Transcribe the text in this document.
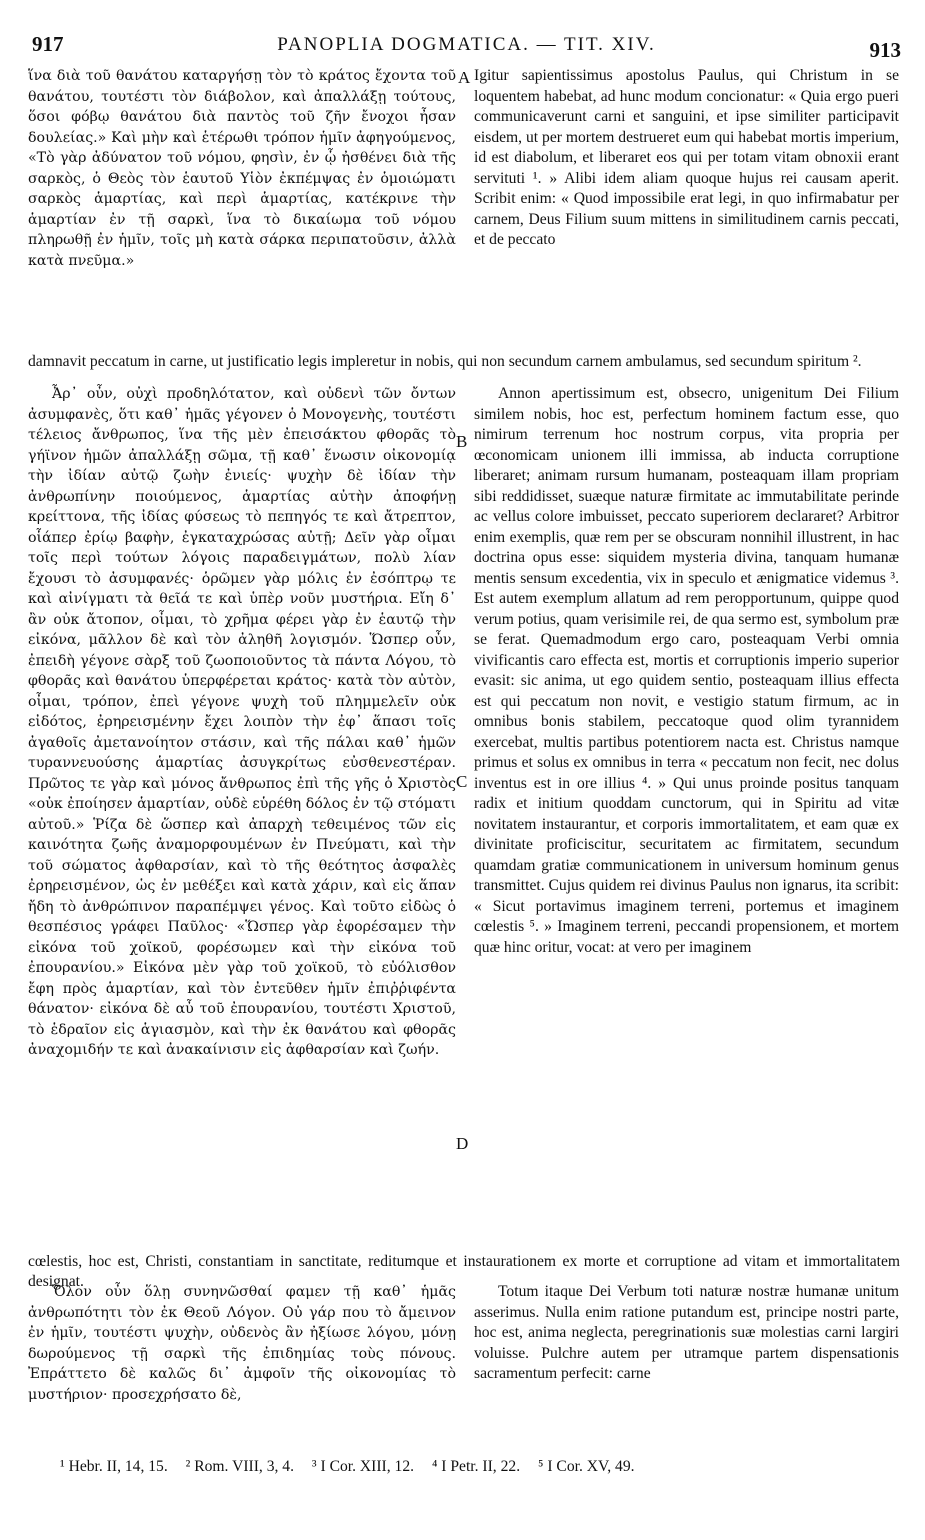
917	PANOPLIA DOGMATICA. — TIT. XIV.	913

ἵνα διὰ τοῦ θανάτου καταργήσῃ τὸν τὸ κράτος ἔχοντα τοῦ θανάτου, τουτέστι τὸν διάβολον, καὶ ἀπαλλάξῃ τούτους, ὅσοι φόβῳ θανάτου διὰ παντὸς τοῦ ζῆν ἔνοχοι ἦσαν δουλείας.» Καὶ μὴν καὶ ἑτέρωθι τρόπον ἡμῖν ἀφηγούμενος, «Τὸ γὰρ ἀδύνατον τοῦ νόμου, φησὶν, ἐν ᾧ ἠσθένει διὰ τῆς σαρκὸς, ὁ Θεὸς τὸν ἑαυτοῦ Υἱὸν ἐκπέμψας ἐν ὁμοιώματι σαρκὸς ἁμαρτίας, καὶ περὶ ἁμαρτίας, κατέκρινε τὴν ἁμαρτίαν ἐν τῇ σαρκὶ, ἵνα τὸ δικαίωμα τοῦ νόμου πληρωθῇ ἐν ἡμῖν, τοῖς μὴ κατὰ σάρκα περιπατοῦσιν, ἀλλὰ κατὰ πνεῦμα.»

A Igitur sapientissimus apostolus Paulus, qui Christum in se loquentem habebat, ad hunc modum concionatur: « Quia ergo pueri communicaverunt carni et sanguini, et ipse similiter participavit eisdem, ut per mortem destrueret eum qui habebat mortis imperium, id est diabolum, et liberaret eos qui per totam vitam obnoxii erant servituti ¹. » Alibi idem aliam quoque hujus rei causam aperit. Scribit enim: « Quod impossibile erat legi, in quo infirmabatur per carnem, Deus Filium suum mittens in similitudinem carnis peccati, et de peccato

damnavit peccatum in carne, ut justificatio legis impleretur in nobis, qui non secundum carnem ambulamus, sed secundum spiritum ².

Ἆρ᾽ οὖν, οὐχὶ προδηλότατον, καὶ οὐδενὶ τῶν ὄντων ἀσυμφανὲς, ὅτι καθ᾽ ἡμᾶς γέγονεν ὁ Μονογενὴς, τουτέστι τέλειος ἄνθρωπος, ἵνα τῆς μὲν ἐπεισάκτου φθορᾶς τὸ γήϊνον ἡμῶν ἀπαλλάξῃ σῶμα, τῇ καθ᾽ ἕνωσιν οἰκονομίᾳ τὴν ἰδίαν αὐτῷ ζωὴν ἐνιείς· ψυχὴν δὲ ἰδίαν τὴν ἀνθρωπίνην ποιούμενος, ἁμαρτίας αὐτὴν ἀποφήνῃ κρείττονα, τῆς ἰδίας φύσεως τὸ πεπηγός τε καὶ ἄτρεπτον, οἷάπερ ἐρίῳ βαφὴν, ἐγκαταχρώσας αὐτῇ; Δεῖν γὰρ οἶμαι τοῖς περὶ τούτων λόγοις παραδειγμάτων, πολὺ λίαν ἔχουσι τὸ ἀσυμφανές· ὁρῶμεν γὰρ μόλις ἐν ἐσόπτρῳ τε καὶ αἰνίγματι τὰ θεῖά τε καὶ ὑπὲρ νοῦν μυστήρια. Εἴη δ᾽ ἂν οὐκ ἄτοπον, οἶμαι, τὸ χρῆμα φέρει γὰρ ἐν ἑαυτῷ τὴν εἰκόνα, μᾶλλον δὲ καὶ τὸν ἀληθῆ λογισμόν. Ὥσπερ οὖν, ἐπειδὴ γέγονε σὰρξ τοῦ ζωοποιοῦντος τὰ πάντα Λόγου, τὸ φθορᾶς καὶ θανάτου ὑπερφέρεται κράτος· κατὰ τὸν αὐτὸν, οἶμαι, τρόπον, ἐπεὶ γέγονε ψυχὴ τοῦ πλημμελεῖν οὐκ εἰδότος, ἐρηρεισμένην ἔχει λοιπὸν τὴν ἐφ᾽ ἅπασι τοῖς ἀγαθοῖς ἀμετανοίητον στάσιν, καὶ τῆς πάλαι καθ᾽ ἡμῶν τυραννευούσης ἁμαρτίας ἀσυγκρίτως εὐσθενεστέραν. Πρῶτος τε γὰρ καὶ μόνος ἄνθρωπος ἐπὶ τῆς γῆς ὁ Χριστὸς «οὐκ ἐποίησεν ἁμαρτίαν, οὐδὲ εὑρέθη δόλος ἐν τῷ στόματι αὐτοῦ.» Ῥίζα δὲ ὥσπερ καὶ ἀπαρχὴ τεθειμένος τῶν εἰς καινότητα ζωῆς ἀναμορφουμένων ἐν Πνεύματι, καὶ τὴν τοῦ σώματος ἀφθαρσίαν, καὶ τὸ τῆς θεότητος ἀσφαλὲς ἐρηρεισμένον, ὡς ἐν μεθέξει καὶ κατὰ χάριν, καὶ εἰς ἅπαν ἤδη τὸ ἀνθρώπινον παραπέμψει γένος. Καὶ τοῦτο εἰδὼς ὁ θεσπέσιος γράφει Παῦλος· «Ὥσπερ γὰρ ἐφορέσαμεν τὴν εἰκόνα τοῦ χοϊκοῦ, φορέσωμεν καὶ τὴν εἰκόνα τοῦ ἐπουρανίου.» Εἰκόνα μὲν γὰρ τοῦ χοϊκοῦ, τὸ εὐόλισθον ἔφη πρὸς ἁμαρτίαν, καὶ τὸν ἐντεῦθεν ἡμῖν ἐπιῤῥιφέντα θάνατον· εἰκόνα δὲ αὖ τοῦ ἐπουρανίου, τουτέστι Χριστοῦ, τὸ ἑδραῖον εἰς ἁγιασμὸν, καὶ τὴν ἐκ θανάτου καὶ φθορᾶς ἀναχομιδήν τε καὶ ἀνακαίνισιν εἰς ἀφθαρσίαν καὶ ζωήν.

B
C
D

Annon apertissimum est, obsecro, unigenitum Dei Filium similem nobis, hoc est, perfectum hominem factum esse, quo nimirum terrenum hoc nostrum corpus, vita propria per œconomicam unionem illi immissa, ab inducta corruptione liberaret; animam rursum humanam, posteaquam illam propriam sibi reddidisset, suæque naturæ firmitate ac immutabilitate perinde ac vellus colore imbuisset, peccato superiorem declararet? Arbitror enim exemplis, quæ rem per se obscuram nonnihil illustrent, in hac doctrina opus esse: siquidem mysteria divina, tanquam humanæ mentis sensum excedentia, vix in speculo et ænigmatice videmus ³. Est autem exemplum allatum ad rem peropportunum, quippe quod verum potius, quam verisimile rei, de qua sermo est, symbolum præ se ferat. Quemadmodum ergo caro, posteaquam Verbi omnia vivificantis caro effecta est, mortis et corruptionis imperio superior evasit: sic anima, ut ego quidem sentio, posteaquam illius effecta est qui peccatum non novit, e vestigio statum firmum, ac in omnibus bonis stabilem, peccatoque quod olim tyrannidem exercebat, multis partibus potentiorem nacta est. Christus namque primus et solus ex omnibus in terra « peccatum non fecit, nec dolus inventus est in ore illius ⁴. » Qui unus proinde positus tanquam radix et initium quoddam cunctorum, qui in Spiritu ad vitæ novitatem instaurantur, et corporis immortalitatem, et eam quæ ex divinitate proficiscitur, securitatem ac firmitatem, secundum quamdam gratiæ communicationem in universum hominum genus transmittet. Cujus quidem rei divinus Paulus non ignarus, ita scribit: « Sicut portavimus imaginem terreni, portemus et imaginem cœlestis ⁵. » Imaginem terreni, peccandi propensionem, et mortem quæ hinc oritur, vocat: at vero per imaginem

cœlestis, hoc est, Christi, constantiam in sanctitate, reditumque et instaurationem ex morte et corruptione ad vitam et immortalitatem designat.

Ὅλον οὖν ὅλῃ συνηνῶσθαί φαμεν τῇ καθ᾽ ἡμᾶς ἀνθρωπότητι τὸν ἐκ Θεοῦ Λόγον. Οὐ γάρ που τὸ ἄμεινον ἐν ἡμῖν, τουτέστι ψυχὴν, οὐδενὸς ἂν ἠξίωσε λόγου, μόνῃ δωρούμενος τῇ σαρκὶ τῆς ἐπιδημίας τοὺς πόνους. Ἐπράττετο δὲ καλῶς δι᾽ ἀμφοῖν τῆς οἰκονομίας τὸ μυστήριον· προσεχρήσατο δὲ,

Totum itaque Dei Verbum toti naturæ nostræ humanæ unitum asserimus. Nulla enim ratione putandum est, principe nostri parte, hoc est, anima neglecta, peregrinationis suæ molestias carni largiri voluisse. Pulchre autem per utramque partem dispensationis sacramentum perfecit: carne

¹ Hebr. II, 14, 15. ² Rom. VIII, 3, 4. ³ I Cor. XIII, 12. ⁴ I Petr. II, 22. ⁵ I Cor. XV, 49.
